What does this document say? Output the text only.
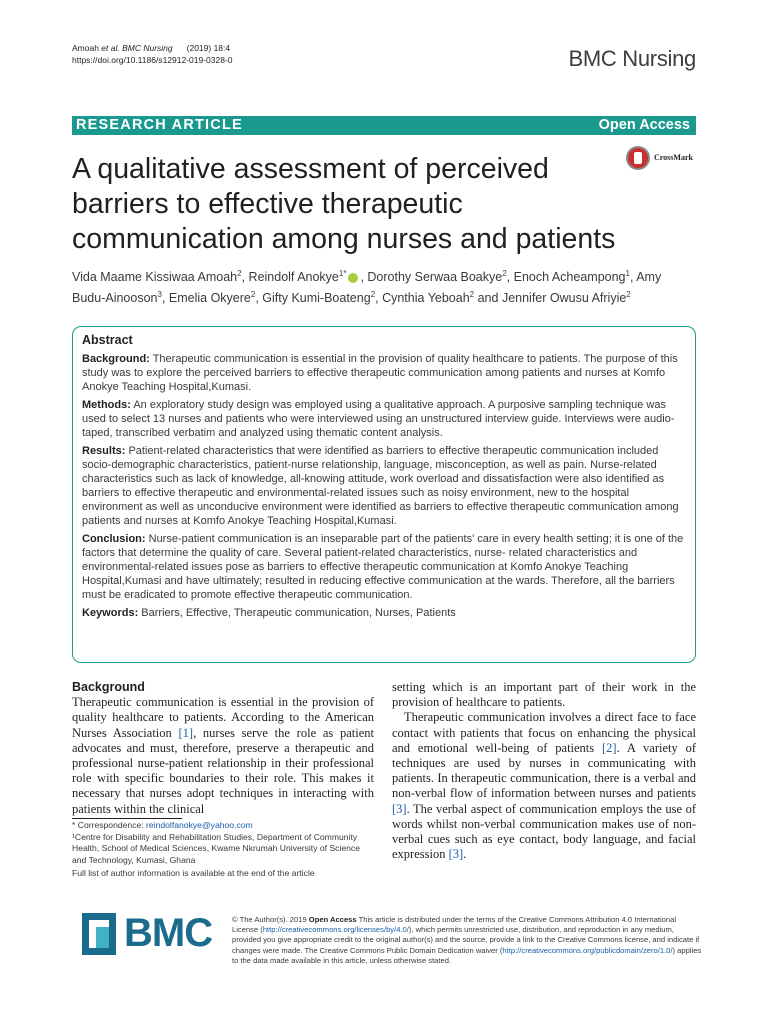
Amoah et al. BMC Nursing (2019) 18:4
https://doi.org/10.1186/s12912-019-0328-0	BMC Nursing
RESEARCH ARTICLE	Open Access
CrossMark
A qualitative assessment of perceived barriers to effective therapeutic communication among nurses and patients
Vida Maame Kissiwaa Amoah$^2$, Reindolf Anokye$^{1*}$ , Dorothy Serwaa Boakye$^2$, Enoch Acheampong$^1$, Amy Budu-Ainooson$^3$, Emelia Okyere$^2$, Gifty Kumi-Boateng$^2$, Cynthia Yeboah$^2$ and Jennifer Owusu Afriyie$^2$
Abstract

Background: Therapeutic communication is essential in the provision of quality healthcare to patients. The purpose of this study was to explore the perceived barriers to effective therapeutic communication among patients and nurses at Komfo Anokye Teaching Hospital,Kumasi.

Methods: An exploratory study design was employed using a qualitative approach. A purposive sampling technique was used to select 13 nurses and patients who were interviewed using an unstructured interview guide. Interviews were audio-taped, transcribed verbatim and analyzed using thematic content analysis.

Results: Patient-related characteristics that were identified as barriers to effective therapeutic communication included socio-demographic characteristics, patient-nurse relationship, language, misconception, as well as pain. Nurse-related characteristics such as lack of knowledge, all-knowing attitude, work overload and dissatisfaction were also identified as barriers to effective therapeutic and environmental-related issues such as noisy environment, new to the hospital environment as well as unconducive environment were identified as barriers to effective therapeutic communication among patients and nurses at Komfo Anokye Teaching Hospital,Kumasi.

Conclusion: Nurse-patient communication is an inseparable part of the patients' care in every health setting; it is one of the factors that determine the quality of care. Several patient-related characteristics, nurse- related characteristics and environmental-related issues pose as barriers to effective therapeutic communication at Komfo Anokye Teaching Hospital,Kumasi and have ultimately; resulted in reducing effective communication at the wards. Therefore, all the barriers must be eradicated to promote effective therapeutic communication.

Keywords: Barriers, Effective, Therapeutic communication, Nurses, Patients

Background

Therapeutic communication is essential in the provision of quality healthcare to patients. According to the American Nurses Association [1], nurses serve the role as patient advocates and must, therefore, preserve a therapeutic and professional nurse-patient relationship in their professional role with specific boundaries to their role. This makes it necessary that nurses adopt techniques in interacting with patients within the clinical

* Correspondence: reindolfanokye@yahoo.com

¹Centre for Disability and Rehabilitation Studies, Department of Community Health, School of Medical Sciences, Kwame Nkrumah University of Science and Technology, Kumasi, Ghana

Full list of author information is available at the end of the article

setting which is an important part of their work in the provision of healthcare to patients.

Therapeutic communication involves a direct face to face contact with patients that focus on enhancing the physical and emotional well-being of patients [2]. A variety of techniques are used by nurses in communicating with patients. In therapeutic communication, there is a verbal and non-verbal flow of information between nurses and patients [3]. The verbal aspect of communication employs the use of words whilst non-verbal communication makes use of non-verbal cues such as eye contact, body language, and facial expression [3].

BMC	© The Author(s). 2019 Open Access This article is distributed under the terms of the Creative Commons Attribution 4.0 International License (http://creativecommons.org/licenses/by/4.0/), which permits unrestricted use, distribution, and reproduction in any medium, provided you give appropriate credit to the original author(s) and the source, provide a link to the Creative Commons license, and indicate if changes were made. The Creative Commons Public Domain Dedication waiver (http://creativecommons.org/publicdomain/zero/1.0/) applies to the data made available in this article, unless otherwise stated.
